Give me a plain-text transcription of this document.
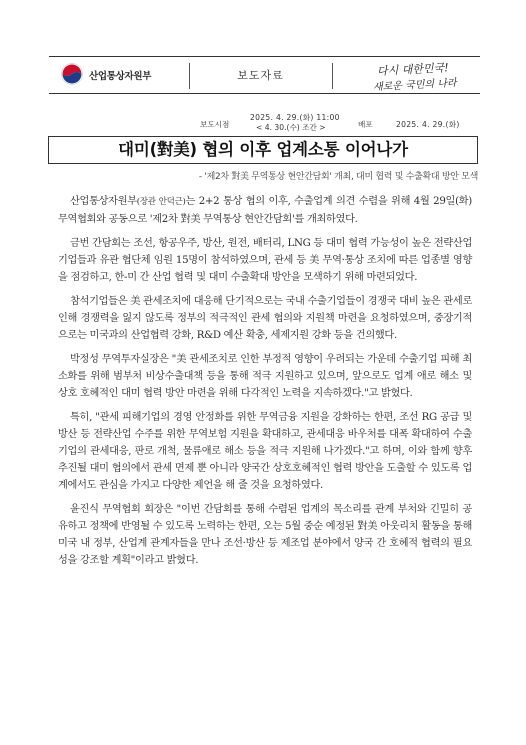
산업통상자원부	보도자료	다시 대한민국!
새로운 국민의 나라
보도시점
2025. 4. 29.(화) 11:00
< 4. 30.(수) 조간 >	배포	2025. 4. 29.(화)
대미(對美) 협의 이후 업계소통 이어나가
- '제2차 對美 무역통상 현안간담회' 개최, 대미 협력 및 수출확대 방안 모색

산업통상자원부(장관 안덕근)는 2+2 통상 협의 이후, 수출업계 의견 수렴을 위해 4월 29일(화) 무역협회와 공동으로 '제2차 對美 무역통상 현안간담회'를 개최하였다.

금번 간담회는 조선, 항공우주, 방산, 원전, 배터리, LNG 등 대미 협력 가능성이 높은 전략산업 기업들과 유관 협단체 임원 15명이 참석하였으며, 관세 등 美 무역·통상 조치에 따른 업종별 영향을 점검하고, 한-미 간 산업 협력 및 대미 수출확대 방안을 모색하기 위해 마련되었다.

참석기업들은 美 관세조치에 대응해 단기적으로는 국내 수출기업들이 경쟁국 대비 높은 관세로 인해 경쟁력을 잃지 않도록 정부의 적극적인 관세 협의와 지원책 마련을 요청하였으며, 중장기적으로는 미국과의 산업협력 강화, R&D 예산 확충, 세제지원 강화 등을 건의했다.

박정성 무역투자실장은 "美 관세조치로 인한 부정적 영향이 우려되는 가운데 수출기업 피해 최소화를 위해 범부처 비상수출대책 등을 통해 적극 지원하고 있으며, 앞으로도 업계 애로 해소 및 상호 호혜적인 대미 협력 방안 마련을 위해 다각적인 노력을 지속하겠다."고 밝혔다.

특히, "관세 피해기업의 경영 안정화를 위한 무역금융 지원을 강화하는 한편, 조선 RG 공급 및 방산 등 전략산업 수주를 위한 무역보험 지원을 확대하고, 관세대응 바우처를 대폭 확대하여 수출기업의 관세대응, 판로 개척, 물류애로 해소 등을 적극 지원해 나가겠다."고 하며, 이와 함께 향후 추진될 대미 협의에서 관세 면제 뿐 아니라 양국간 상호호혜적인 협력 방안을 도출할 수 있도록 업계에서도 관심을 가지고 다양한 제언을 해 줄 것을 요청하였다.

윤진식 무역협회 회장은 "이번 간담회를 통해 수렴된 업계의 목소리를 관계 부처와 긴밀히 공유하고 정책에 반영될 수 있도록 노력하는 한편, 오는 5월 중순 예정된 對美 아웃리치 활동을 통해 미국 내 정부, 산업계 관계자들을 만나 조선·방산 등 제조업 분야에서 양국 간 호혜적 협력의 필요성을 강조할 계획"이라고 밝혔다.
